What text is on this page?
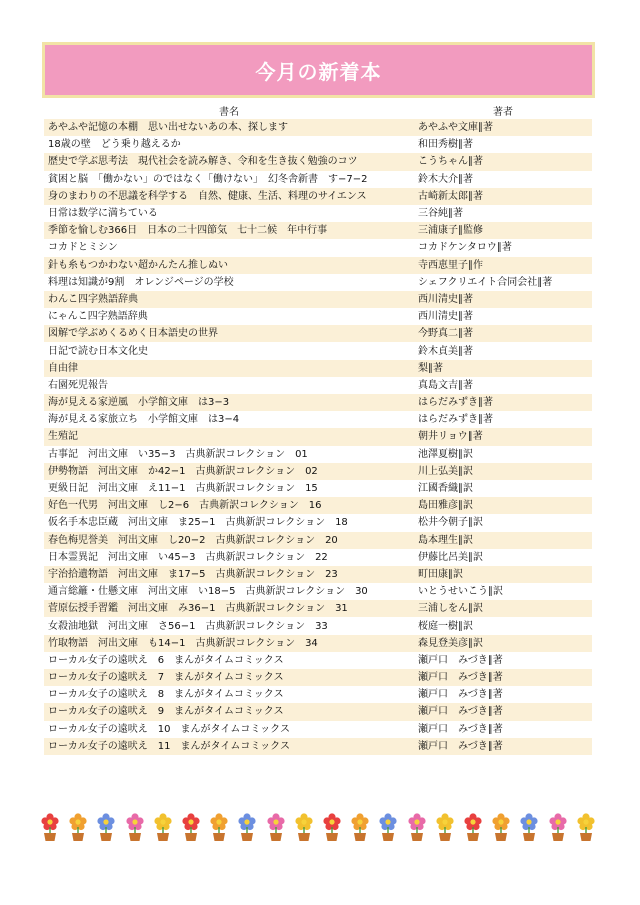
今月の新着本
書名	著者
あやふや記憶の本棚　思い出せないあの本、探します	あやふや文庫∥著
18歳の壁　どう乗り越えるか	和田秀樹∥著
歴史で学ぶ思考法　現代社会を読み解き、令和を生き抜く勉強のコツ	こうちゃん∥著
貧困と脳　「働かない」のではなく「働けない」　幻冬舎新書　す−7−2	鈴木大介∥著
身のまわりの不思議を科学する　自然、健康、生活、料理のサイエンス	古崎新太郎∥著
日常は数学に満ちている	三谷純∥著
季節を愉しむ366日　日本の二十四節気　七十二候　年中行事	三浦康子∥監修
コカドとミシン	コカドケンタロウ∥著
針も糸もつかわない超かんたん推しぬい	寺西恵里子∥作
料理は知識が9割　オレンジページの学校	シェフクリエイト合同会社∥著
わんこ四字熟語辞典	西川清史∥著
にゃんこ四字熟語辞典	西川清史∥著
図解で学ぶめくるめく日本語史の世界	今野真二∥著
日記で読む日本文化史	鈴木貞美∥著
自由律	梨∥著
右園死児報告	真島文吉∥著
海が見える家逆風　小学館文庫　は3−3	はらだみずき∥著
海が見える家旅立ち　小学館文庫　は3−4	はらだみずき∥著
生殖記	朝井リョウ∥著
古事記　河出文庫　い35−3　古典新訳コレクション　01	池澤夏樹∥訳
伊勢物語　河出文庫　か42−1　古典新訳コレクション　02	川上弘美∥訳
更級日記　河出文庫　え11−1　古典新訳コレクション　15	江國香織∥訳
好色一代男　河出文庫　し2−6　古典新訳コレクション　16	島田雅彦∥訳
仮名手本忠臣蔵　河出文庫　ま25−1　古典新訳コレクション　18	松井今朝子∥訳
春色梅児誉美　河出文庫　し20−2　古典新訳コレクション　20	島本理生∥訳
日本霊異記　河出文庫　い45−3　古典新訳コレクション　22	伊藤比呂美∥訳
宇治拾遺物語　河出文庫　ま17−5　古典新訳コレクション　23	町田康∥訳
通言総籬・仕懸文庫　河出文庫　い18−5　古典新訳コレクション　30	いとうせいこう∥訳
菅原伝授手習鑑　河出文庫　み36−1　古典新訳コレクション　31	三浦しをん∥訳
女殺油地獄　河出文庫　さ56−1　古典新訳コレクション　33	桜庭一樹∥訳
竹取物語　河出文庫　も14−1　古典新訳コレクション　34	森見登美彦∥訳
ローカル女子の遠吠え　6　まんがタイムコミックス	瀬戸口　みづき∥著
ローカル女子の遠吠え　7　まんがタイムコミックス	瀬戸口　みづき∥著
ローカル女子の遠吠え　8　まんがタイムコミックス	瀬戸口　みづき∥著
ローカル女子の遠吠え　9　まんがタイムコミックス	瀬戸口　みづき∥著
ローカル女子の遠吠え　10　まんがタイムコミックス	瀬戸口　みづき∥著
ローカル女子の遠吠え　11　まんがタイムコミックス	瀬戸口　みづき∥著
